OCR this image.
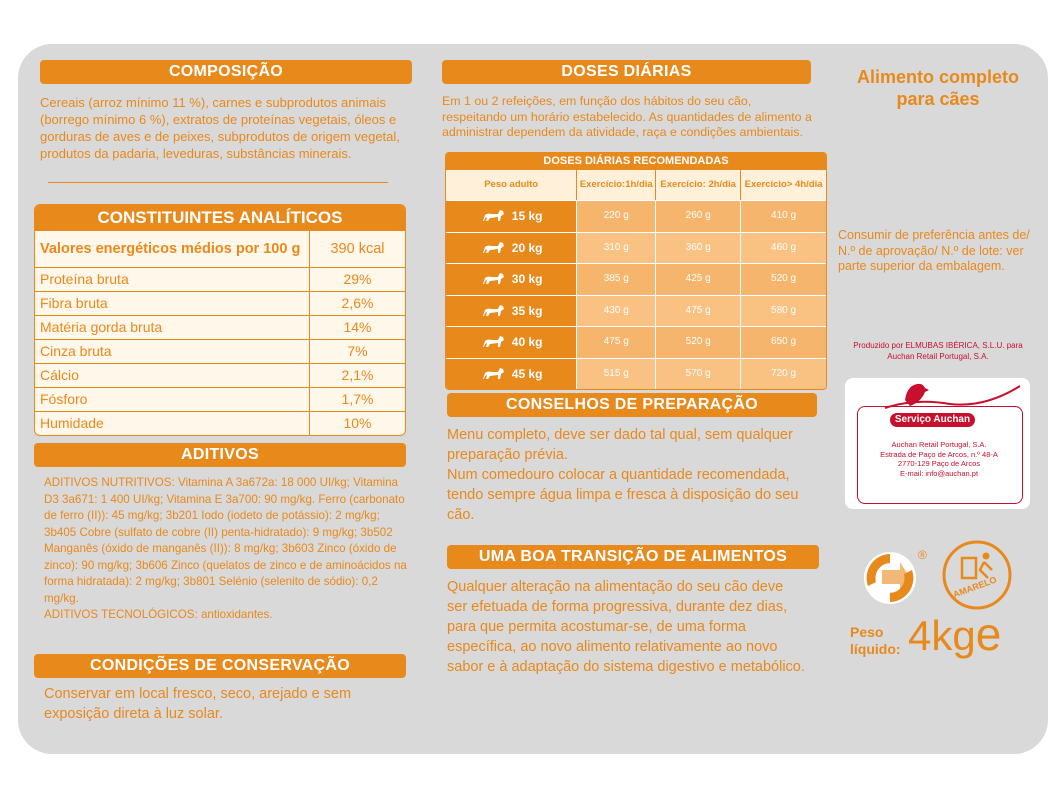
COMPOSIÇÃO
Cereais (arroz mínimo 11 %), carnes e subprodutos animais (borrego mínimo 6 %), extratos de proteínas vegetais, óleos e gorduras de aves e de peixes, subprodutos de origem vegetal, produtos da padaria, leveduras, substâncias minerais.
CONSTITUINTES ANALÍTICOS
Valores energéticos médios por 100 g	390 kcal
Proteína bruta	29%
Fibra bruta	2,6%
Matéria gorda bruta	14%
Cinza bruta	7%
Cálcio	2,1%
Fósforo	1,7%
Humidade	10%
ADITIVOS
ADITIVOS NUTRITIVOS: Vitamina A 3a672a: 18 000 UI/kg; Vitamina D3 3a671: 1 400 UI/kg; Vitamina E 3a700: 90 mg/kg. Ferro (carbonato de ferro (II)): 45 mg/kg; 3b201 Iodo (iodeto de potássio): 2 mg/kg; 3b405 Cobre (sulfato de cobre (II) penta-hidratado): 9 mg/kg; 3b502 Manganês (óxido de manganês (II)): 8 mg/kg; 3b603 Zinco (óxido de zinco): 90 mg/kg; 3b606 Zinco (quelatos de zinco e de aminoácidos na forma hidratada): 2 mg/kg; 3b801 Selénio (selenito de sódio): 0,2 mg/kg.
ADITIVOS TECNOLÓGICOS: antioxidantes.
CONDIÇÕES DE CONSERVAÇÃO
Conservar em local fresco, seco, arejado e sem exposição direta à luz solar.
DOSES DIÁRIAS
Em 1 ou 2 refeições, em função dos hábitos do seu cão, respeitando um horário estabelecido. As quantidades de alimento a administrar dependem da atividade, raça e condições ambientais.
DOSES DIÁRIAS RECOMENDADAS
Peso adulto	Exercício:1h/dia Exercício: 2h/dia Exercício> 4h/dia
15 kg	220 g	260 g	410 g
20 kg	310 g	360 g	460 g
30 kg	385 g	425 g	520 g
35 kg	430 g	475 g	580 g
40 kg	475 g	520 g	650 g
45 kg	515 g	570 g	720 g
CONSELHOS DE PREPARAÇÃO
Menu completo, deve ser dado tal qual, sem qualquer preparação prévia.
Num comedouro colocar a quantidade recomendada, tendo sempre água limpa e fresca à disposição do seu cão.
UMA BOA TRANSIÇÃO DE ALIMENTOS
Qualquer alteração na alimentação do seu cão deve ser efetuada de forma progressiva, durante dez dias, para que permita acostumar-se, de uma forma específica, ao novo alimento relativamente ao novo sabor e à adaptação do sistema digestivo e metabólico.
Alimento completo para cães
Consumir de preferência antes de/ N.º de aprovação/ N.º de lote: ver parte superior da embalagem.
Produzido por ELMUBAS IBÉRICA, S.L.U. para Auchan Retail Portugal, S.A.
Serviço Auchan
Auchan Retail Portugal, S.A.
Estrada de Paço de Arcos, n.º 48-A
2770-129 Paço de Arcos
E-mail: info@auchan.pt
®
AMARELO
Peso líquido: 4kge
